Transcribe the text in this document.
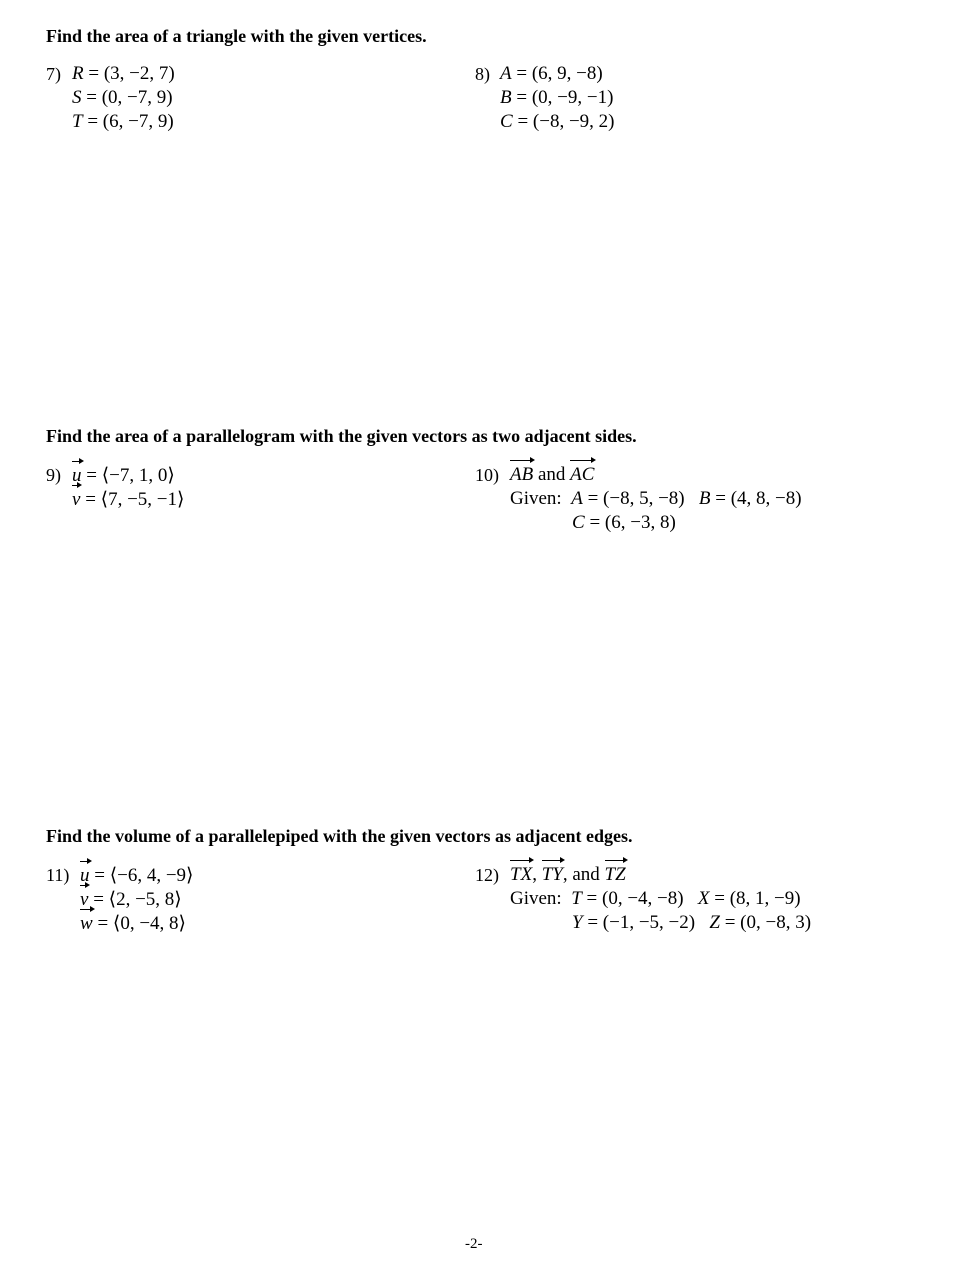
Find the area of a triangle with the given vertices.
7) R = (3, −2, 7)
S = (0, −7, 9)
T = (6, −7, 9)
8) A = (6, 9, −8)
B = (0, −9, −1)
C = (−8, −9, 2)
Find the area of a parallelogram with the given vectors as two adjacent sides.
9) u = ⟨−7, 1, 0⟩
v = ⟨7, −5, −1⟩
10) AB and AC
Given: A = (−8, 5, −8) B = (4, 8, −8)
C = (6, −3, 8)
Find the volume of a parallelepiped with the given vectors as adjacent edges.
11) u = ⟨−6, 4, −9⟩
v = ⟨2, −5, 8⟩
w = ⟨0, −4, 8⟩
12) TX, TY, and TZ
Given: T = (0, −4, −8) X = (8, 1, −9)
Y = (−1, −5, −2) Z = (0, −8, 3)
-2-
